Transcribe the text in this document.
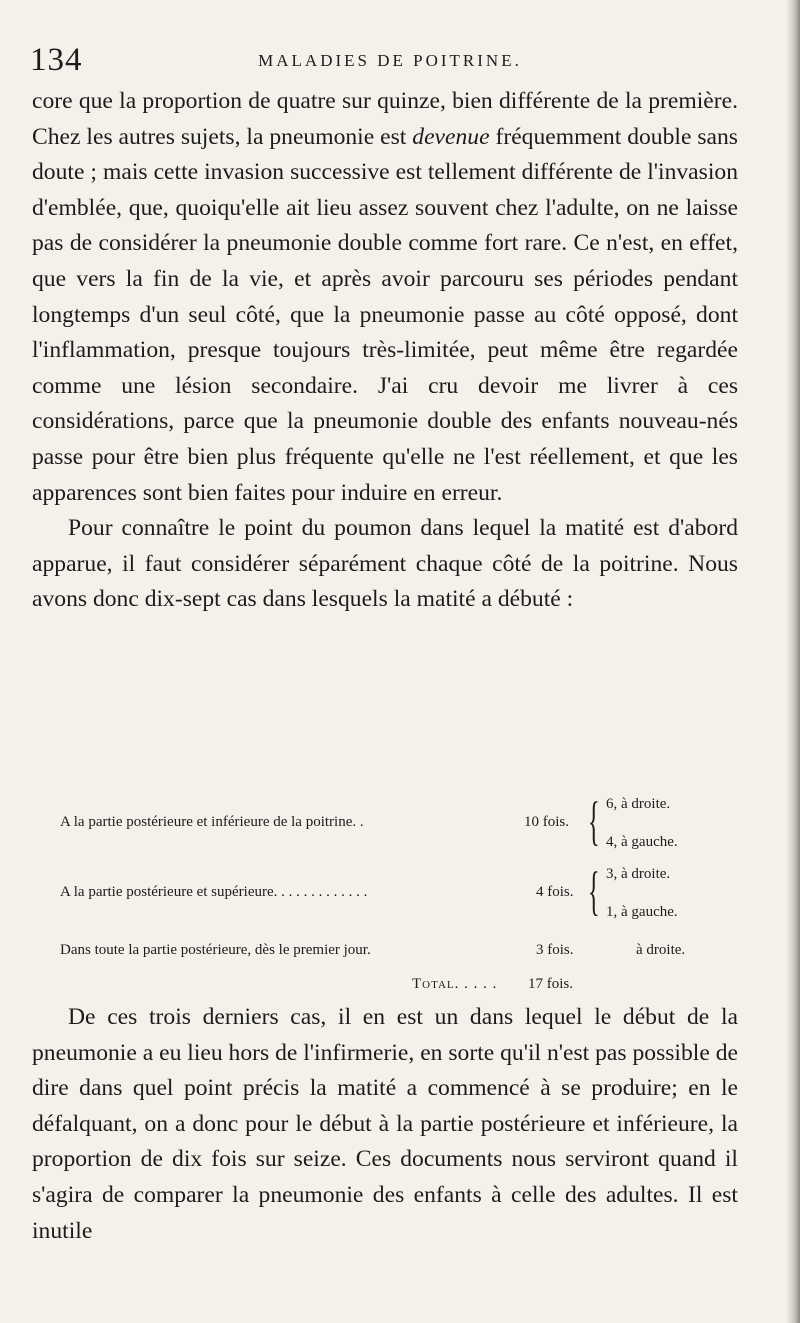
134	MALADIES DE POITRINE.

core que la proportion de quatre sur quinze, bien différente de la première. Chez les autres sujets, la pneumonie est devenue fréquemment double sans doute ; mais cette invasion successive est tellement différente de l'invasion d'emblée, que, quoiqu'elle ait lieu assez souvent chez l'adulte, on ne laisse pas de considérer la pneumonie double comme fort rare. Ce n'est, en effet, que vers la fin de la vie, et après avoir parcouru ses périodes pendant longtemps d'un seul côté, que la pneumonie passe au côté opposé, dont l'inflammation, presque toujours très-limitée, peut même être regardée comme une lésion secondaire. J'ai cru devoir me livrer à ces considérations, parce que la pneumonie double des enfants nouveau-nés passe pour être bien plus fréquente qu'elle ne l'est réellement, et que les apparences sont bien faites pour induire en erreur.

Pour connaître le point du poumon dans lequel la matité est d'abord apparue, il faut considérer séparément chaque côté de la poitrine. Nous avons donc dix-sept cas dans lesquels la matité a débuté :

A la partie postérieure et inférieure de la poitrine. .	10 fois. { 6, à droite.
4, à gauche.
A la partie postérieure et supérieure. . . . . . . . . . . . .	4 fois. { 3, à droite.
1, à gauche.
Dans toute la partie postérieure, dès le premier jour.	3 fois.	à droite.
Total. . . . . 17 fois.

De ces trois derniers cas, il en est un dans lequel le début de la pneumonie a eu lieu hors de l'infirmerie, en sorte qu'il n'est pas possible de dire dans quel point précis la matité a commencé à se produire; en le défalquant, on a donc pour le début à la partie postérieure et inférieure, la proportion de dix fois sur seize. Ces documents nous serviront quand il s'agira de comparer la pneumonie des enfants à celle des adultes. Il est inutile
